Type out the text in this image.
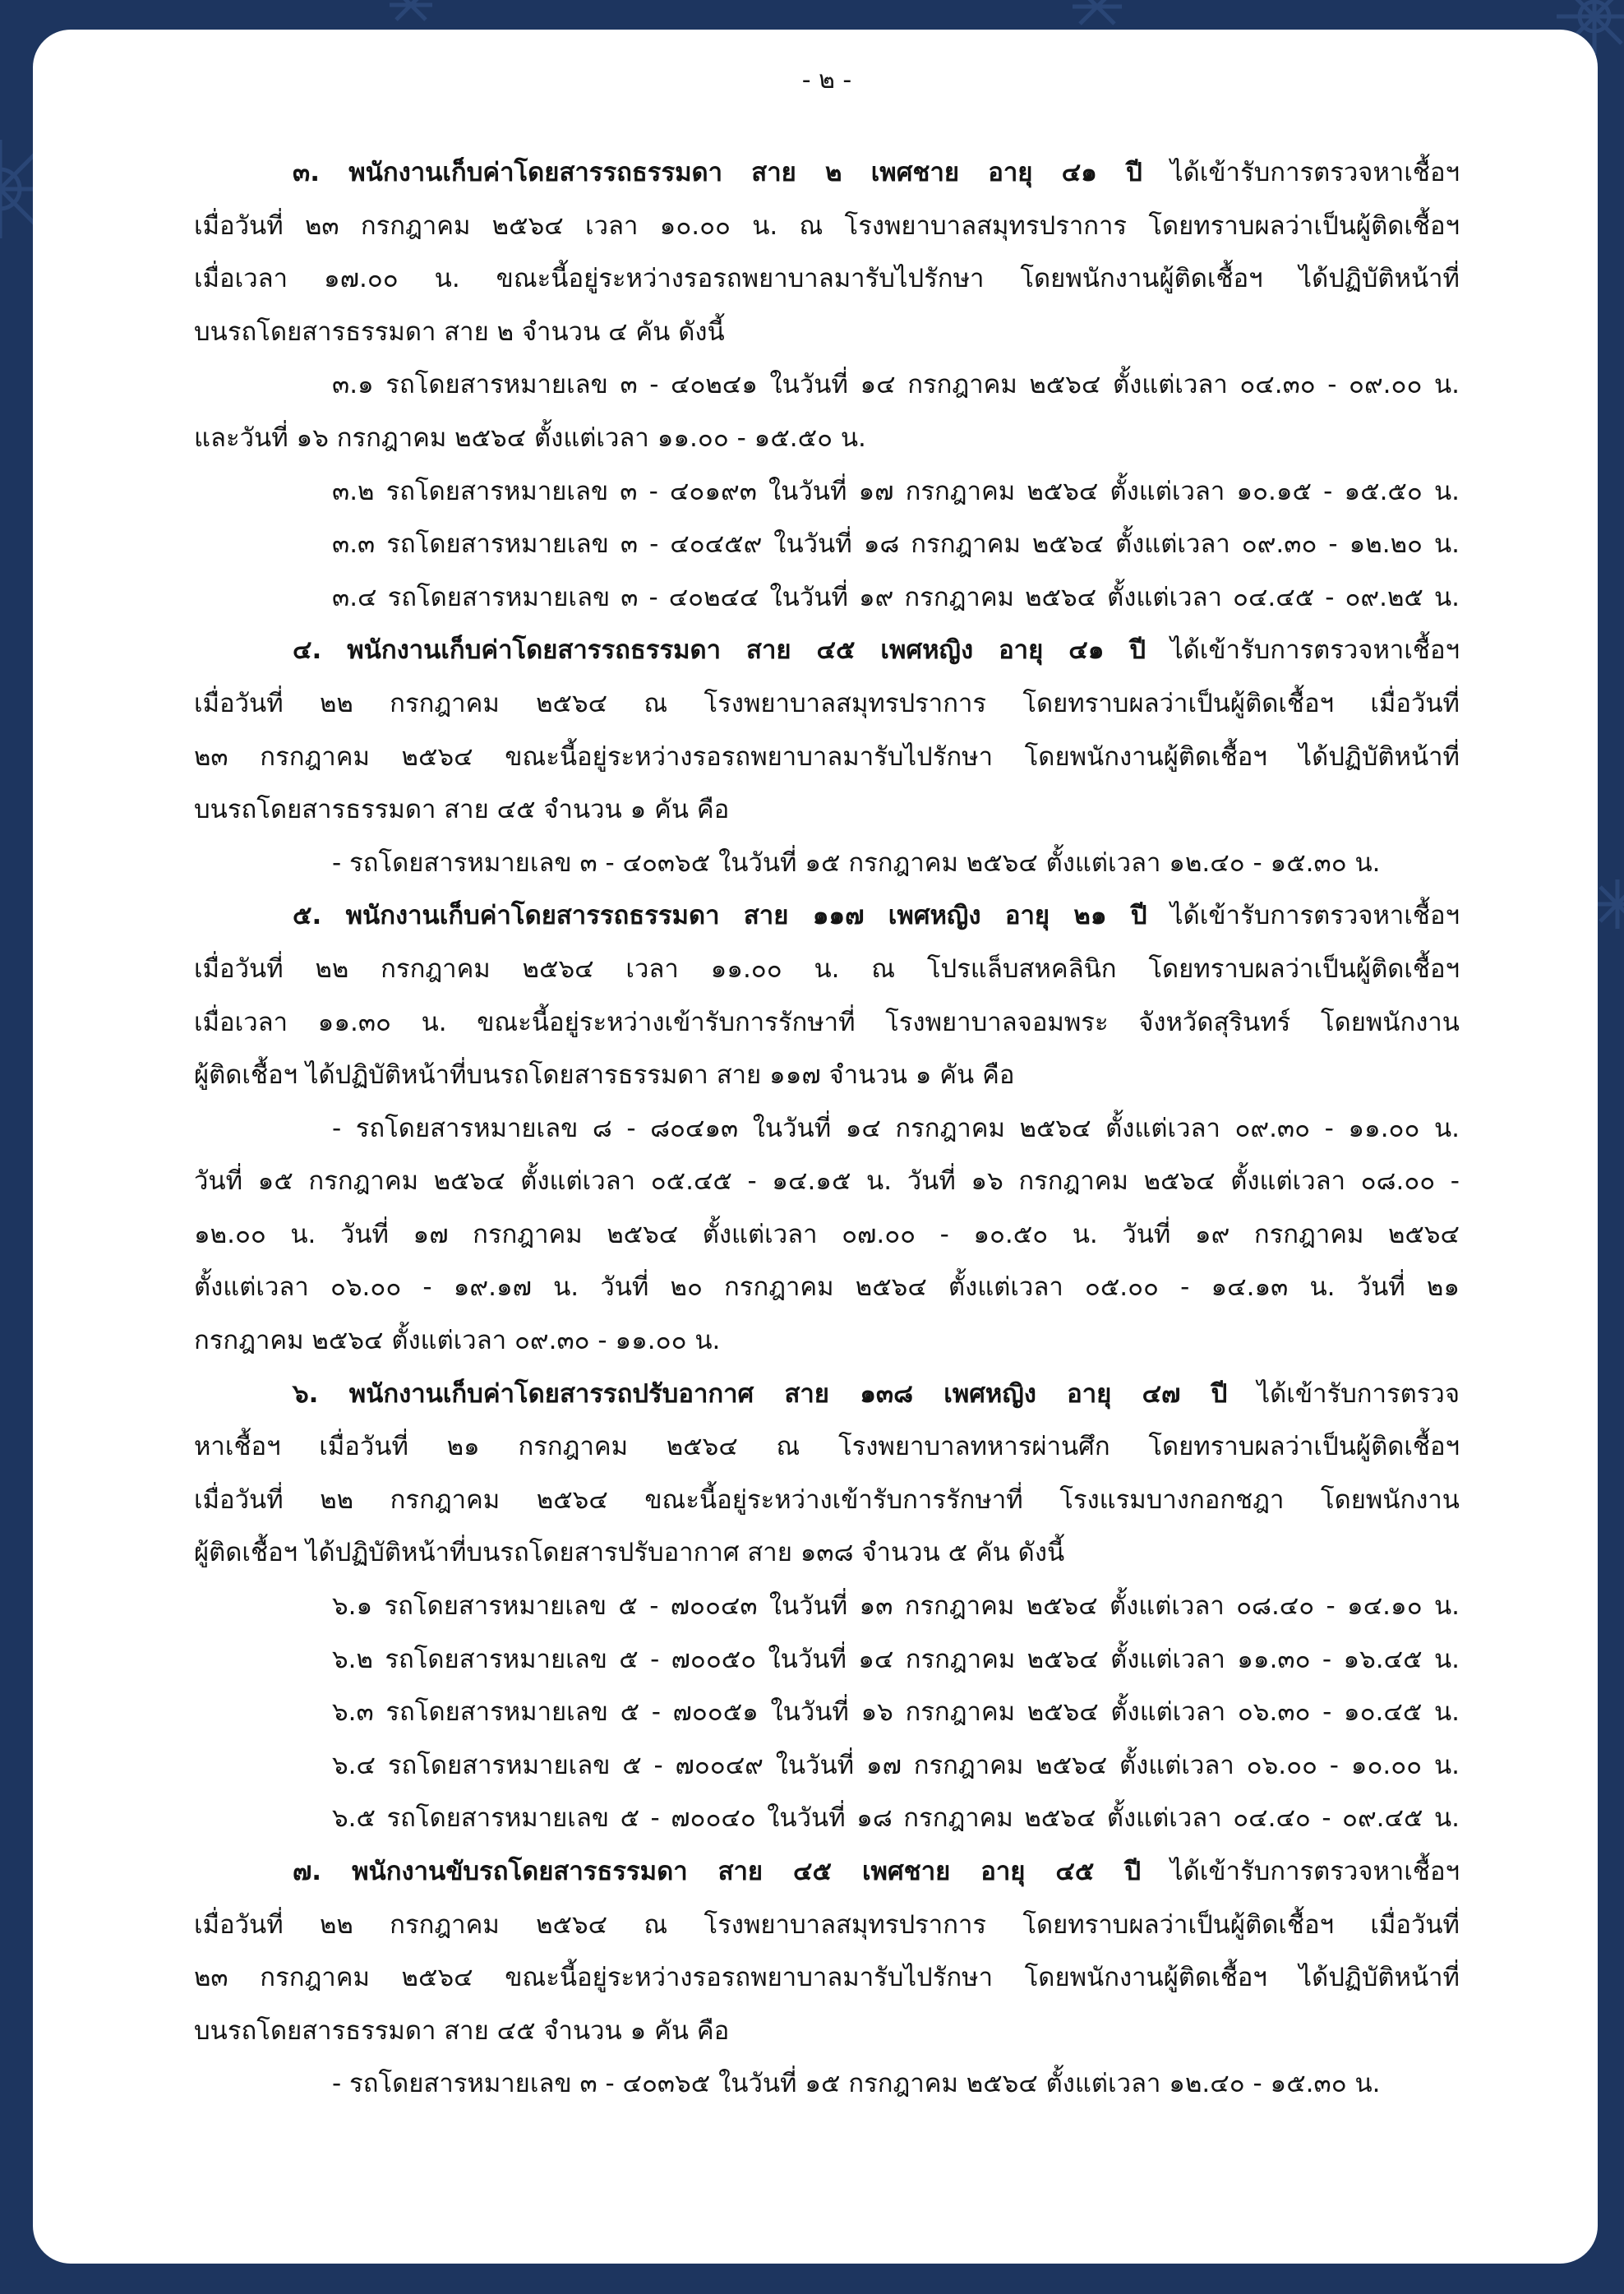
- ๒ -
๓. พนักงานเก็บค่าโดยสารรถธรรมดา สาย ๒ เพศชาย อายุ ๔๑ ปี ได้เข้ารับการตรวจหาเชื้อฯ
เมื่อวันที่ ๒๓ กรกฎาคม ๒๕๖๔ เวลา ๑๐.๐๐ น. ณ โรงพยาบาลสมุทรปราการ โดยทราบผลว่าเป็นผู้ติดเชื้อฯ
เมื่อเวลา ๑๗.๐๐ น. ขณะนี้อยู่ระหว่างรอรถพยาบาลมารับไปรักษา โดยพนักงานผู้ติดเชื้อฯ ได้ปฏิบัติหน้าที่
บนรถโดยสารธรรมดา สาย ๒ จำนวน ๔ คัน ดังนี้
๓.๑ รถโดยสารหมายเลข ๓ - ๔๐๒๔๑ ในวันที่ ๑๔ กรกฎาคม ๒๕๖๔ ตั้งแต่เวลา ๐๔.๓๐ - ๐๙.๐๐ น.
และวันที่ ๑๖ กรกฎาคม ๒๕๖๔ ตั้งแต่เวลา ๑๑.๐๐ - ๑๕.๕๐ น.
๓.๒ รถโดยสารหมายเลข ๓ - ๔๐๑๙๓ ในวันที่ ๑๗ กรกฎาคม ๒๕๖๔ ตั้งแต่เวลา ๑๐.๑๕ - ๑๕.๕๐ น.
๓.๓ รถโดยสารหมายเลข ๓ - ๔๐๔๕๙ ในวันที่ ๑๘ กรกฎาคม ๒๕๖๔ ตั้งแต่เวลา ๐๙.๓๐ - ๑๒.๒๐ น.
๓.๔ รถโดยสารหมายเลข ๓ - ๔๐๒๔๔ ในวันที่ ๑๙ กรกฎาคม ๒๕๖๔ ตั้งแต่เวลา ๐๔.๔๕ - ๐๙.๒๕ น.
๔. พนักงานเก็บค่าโดยสารรถธรรมดา สาย ๔๕ เพศหญิง อายุ ๔๑ ปี ได้เข้ารับการตรวจหาเชื้อฯ
เมื่อวันที่ ๒๒ กรกฎาคม ๒๕๖๔ ณ โรงพยาบาลสมุทรปราการ โดยทราบผลว่าเป็นผู้ติดเชื้อฯ เมื่อวันที่
๒๓ กรกฎาคม ๒๕๖๔ ขณะนี้อยู่ระหว่างรอรถพยาบาลมารับไปรักษา โดยพนักงานผู้ติดเชื้อฯ ได้ปฏิบัติหน้าที่
บนรถโดยสารธรรมดา สาย ๔๕ จำนวน ๑ คัน คือ
- รถโดยสารหมายเลข ๓ - ๔๐๓๖๕ ในวันที่ ๑๕ กรกฎาคม ๒๕๖๔ ตั้งแต่เวลา ๑๒.๔๐ - ๑๕.๓๐ น.
๕. พนักงานเก็บค่าโดยสารรถธรรมดา สาย ๑๑๗ เพศหญิง อายุ ๒๑ ปี ได้เข้ารับการตรวจหาเชื้อฯ
เมื่อวันที่ ๒๒ กรกฎาคม ๒๕๖๔ เวลา ๑๑.๐๐ น. ณ โปรแล็บสหคลินิก โดยทราบผลว่าเป็นผู้ติดเชื้อฯ
เมื่อเวลา ๑๑.๓๐ น. ขณะนี้อยู่ระหว่างเข้ารับการรักษาที่ โรงพยาบาลจอมพระ จังหวัดสุรินทร์ โดยพนักงาน
ผู้ติดเชื้อฯ ได้ปฏิบัติหน้าที่บนรถโดยสารธรรมดา สาย ๑๑๗ จำนวน ๑ คัน คือ
- รถโดยสารหมายเลข ๘ - ๘๐๔๑๓ ในวันที่ ๑๔ กรกฎาคม ๒๕๖๔ ตั้งแต่เวลา ๐๙.๓๐ - ๑๑.๐๐ น.
วันที่ ๑๕ กรกฎาคม ๒๕๖๔ ตั้งแต่เวลา ๐๕.๔๕ - ๑๔.๑๕ น. วันที่ ๑๖ กรกฎาคม ๒๕๖๔ ตั้งแต่เวลา ๐๘.๐๐ -
๑๒.๐๐ น. วันที่ ๑๗ กรกฎาคม ๒๕๖๔ ตั้งแต่เวลา ๐๗.๐๐ - ๑๐.๕๐ น. วันที่ ๑๙ กรกฎาคม ๒๕๖๔
ตั้งแต่เวลา ๐๖.๐๐ - ๑๙.๑๗ น. วันที่ ๒๐ กรกฎาคม ๒๕๖๔ ตั้งแต่เวลา ๐๕.๐๐ - ๑๔.๑๓ น. วันที่ ๒๑
กรกฎาคม ๒๕๖๔ ตั้งแต่เวลา ๐๙.๓๐ - ๑๑.๐๐ น.
๖. พนักงานเก็บค่าโดยสารรถปรับอากาศ สาย ๑๓๘ เพศหญิง อายุ ๔๗ ปี ได้เข้ารับการตรวจ
หาเชื้อฯ เมื่อวันที่ ๒๑ กรกฎาคม ๒๕๖๔ ณ โรงพยาบาลทหารผ่านศึก โดยทราบผลว่าเป็นผู้ติดเชื้อฯ
เมื่อวันที่ ๒๒ กรกฎาคม ๒๕๖๔ ขณะนี้อยู่ระหว่างเข้ารับการรักษาที่ โรงแรมบางกอกชฎา โดยพนักงาน
ผู้ติดเชื้อฯ ได้ปฏิบัติหน้าที่บนรถโดยสารปรับอากาศ สาย ๑๓๘ จำนวน ๕ คัน ดังนี้
๖.๑ รถโดยสารหมายเลข ๕ - ๗๐๐๔๓ ในวันที่ ๑๓ กรกฎาคม ๒๕๖๔ ตั้งแต่เวลา ๐๘.๔๐ - ๑๔.๑๐ น.
๖.๒ รถโดยสารหมายเลข ๕ - ๗๐๐๕๐ ในวันที่ ๑๔ กรกฎาคม ๒๕๖๔ ตั้งแต่เวลา ๑๑.๓๐ - ๑๖.๔๕ น.
๖.๓ รถโดยสารหมายเลข ๕ - ๗๐๐๕๑ ในวันที่ ๑๖ กรกฎาคม ๒๕๖๔ ตั้งแต่เวลา ๐๖.๓๐ - ๑๐.๔๕ น.
๖.๔ รถโดยสารหมายเลข ๕ - ๗๐๐๔๙ ในวันที่ ๑๗ กรกฎาคม ๒๕๖๔ ตั้งแต่เวลา ๐๖.๐๐ - ๑๐.๐๐ น.
๖.๕ รถโดยสารหมายเลข ๕ - ๗๐๐๔๐ ในวันที่ ๑๘ กรกฎาคม ๒๕๖๔ ตั้งแต่เวลา ๐๔.๔๐ - ๐๙.๔๕ น.
๗. พนักงานขับรถโดยสารธรรมดา สาย ๔๕ เพศชาย อายุ ๔๕ ปี ได้เข้ารับการตรวจหาเชื้อฯ
เมื่อวันที่ ๒๒ กรกฎาคม ๒๕๖๔ ณ โรงพยาบาลสมุทรปราการ โดยทราบผลว่าเป็นผู้ติดเชื้อฯ เมื่อวันที่
๒๓ กรกฎาคม ๒๕๖๔ ขณะนี้อยู่ระหว่างรอรถพยาบาลมารับไปรักษา โดยพนักงานผู้ติดเชื้อฯ ได้ปฏิบัติหน้าที่
บนรถโดยสารธรรมดา สาย ๔๕ จำนวน ๑ คัน คือ
- รถโดยสารหมายเลข ๓ - ๔๐๓๖๕ ในวันที่ ๑๕ กรกฎาคม ๒๕๖๔ ตั้งแต่เวลา ๑๒.๔๐ - ๑๕.๓๐ น.
